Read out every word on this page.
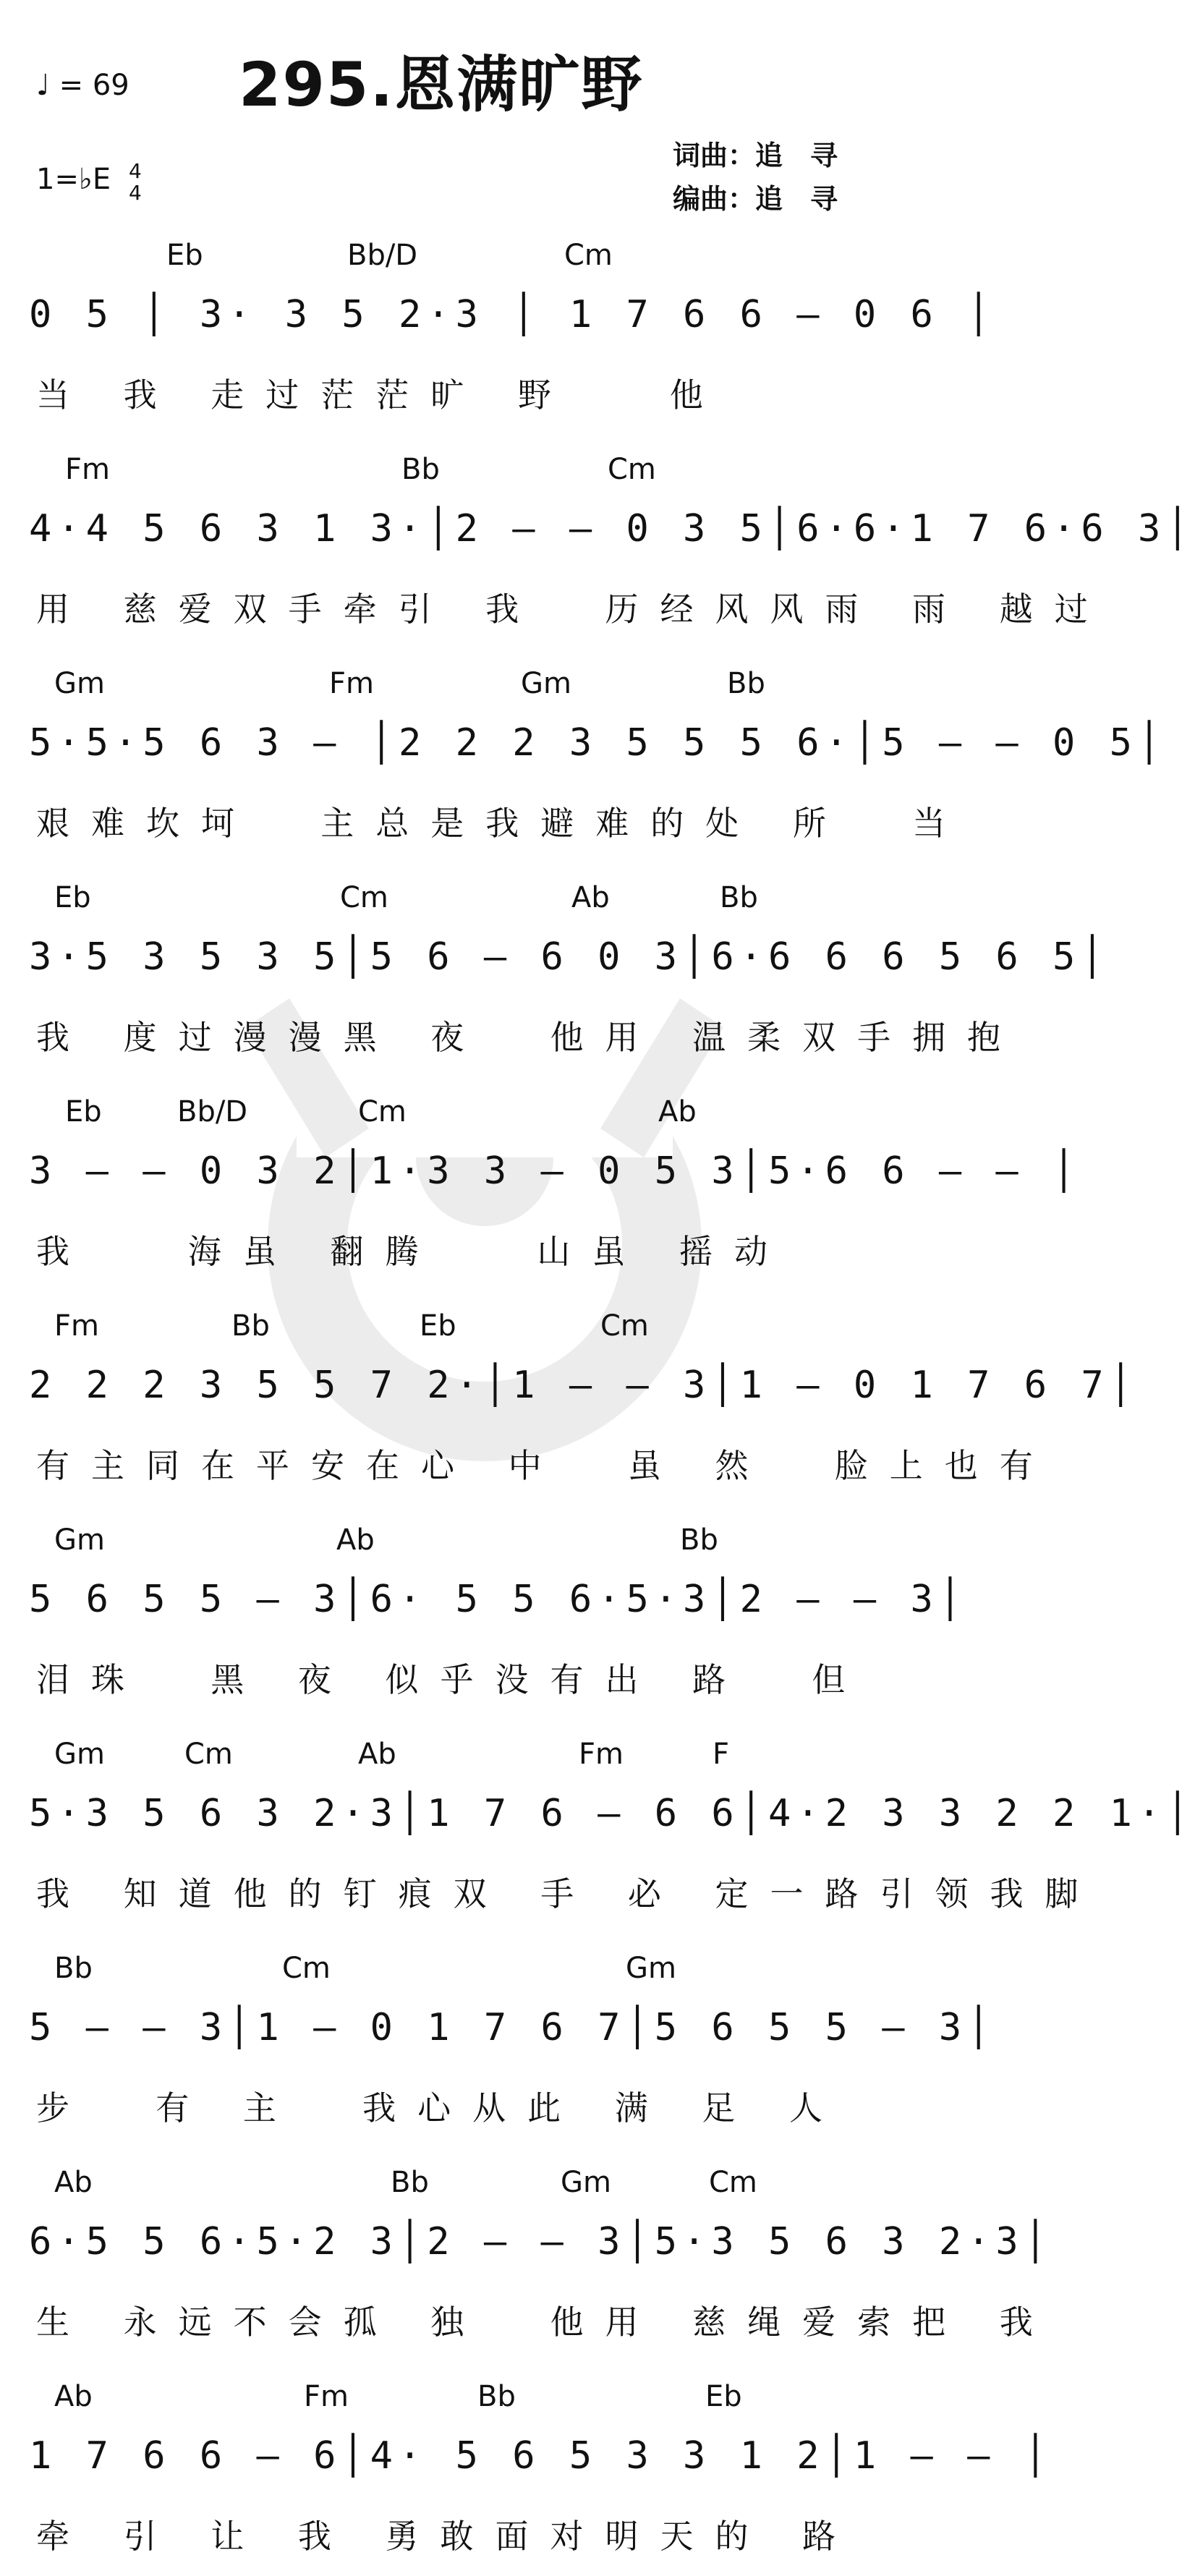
♩ = 69 295.恩满旷野
1=♭E 4
4
词曲：追　寻
编曲：追　寻
Eb	Bb/D	Cm
0 5 │ 3· 3 5 2·3 │ 1 7 6 6 ― 0 6 │
当 我 走过茫茫旷 野   他
Fm	Bb	Cm
4·4 5 6 3 1 3·│2 ― ― 0 3 5│6·6·1 7 6·6 3│
用 慈爱双手牵引 我  历经风风雨 雨 越过
Gm	Fm	Gm	Bb
5·5·5 6 3 ― │2 2 2 3 5 5 5 6·│5 ― ― 0 5│
艰难坎坷  主总是我避难的处 所  当
Eb	Cm	Ab	Bb
3·5 3 5 3 5│5 6 ― 6 0 3│6·6 6 6 5 6 5│
我 度过漫漫黑 夜  他用 温柔双手拥抱
Eb	Bb/D	Cm	Ab
3 ― ― 0 3 2│1·3 3 ― 0 5 3│5·6 6 ― ― │
我   海虽 翻腾   山虽 摇动
Fm	Bb	Eb	Cm
2 2 2 3 5 5 7 2·│1 ― ― 3│1 ― 0 1 7 6 7│
有主同在平安在心 中  虽 然  脸上也有
Gm	Ab	Bb
5 6 5 5 ― 3│6· 5 5 6·5·3│2 ― ― 3│
泪珠  黑 夜 似乎没有出 路  但
Gm	Cm	Ab	Fm	F
5·3 5 6 3 2·3│1 7 6 ― 6 6│4·2 3 3 2 2 1·│
我 知道他的钉痕双 手 必 定一路引领我脚
Bb	Cm	Gm
5 ― ― 3│1 ― 0 1 7 6 7│5 6 5 5 ― 3│
步  有 主  我心从此 满 足 人
Ab	Bb	Gm	Cm
6·5 5 6·5·2 3│2 ― ― 3│5·3 5 6 3 2·3│
生 永远不会孤 独  他用 慈绳爱索把 我
Ab	Fm	Bb	Eb
1 7 6 6 ― 6│4· 5 6 5 3 3 1 2│1 ― ― │
牵 引 让 我 勇敢面对明天的 路
